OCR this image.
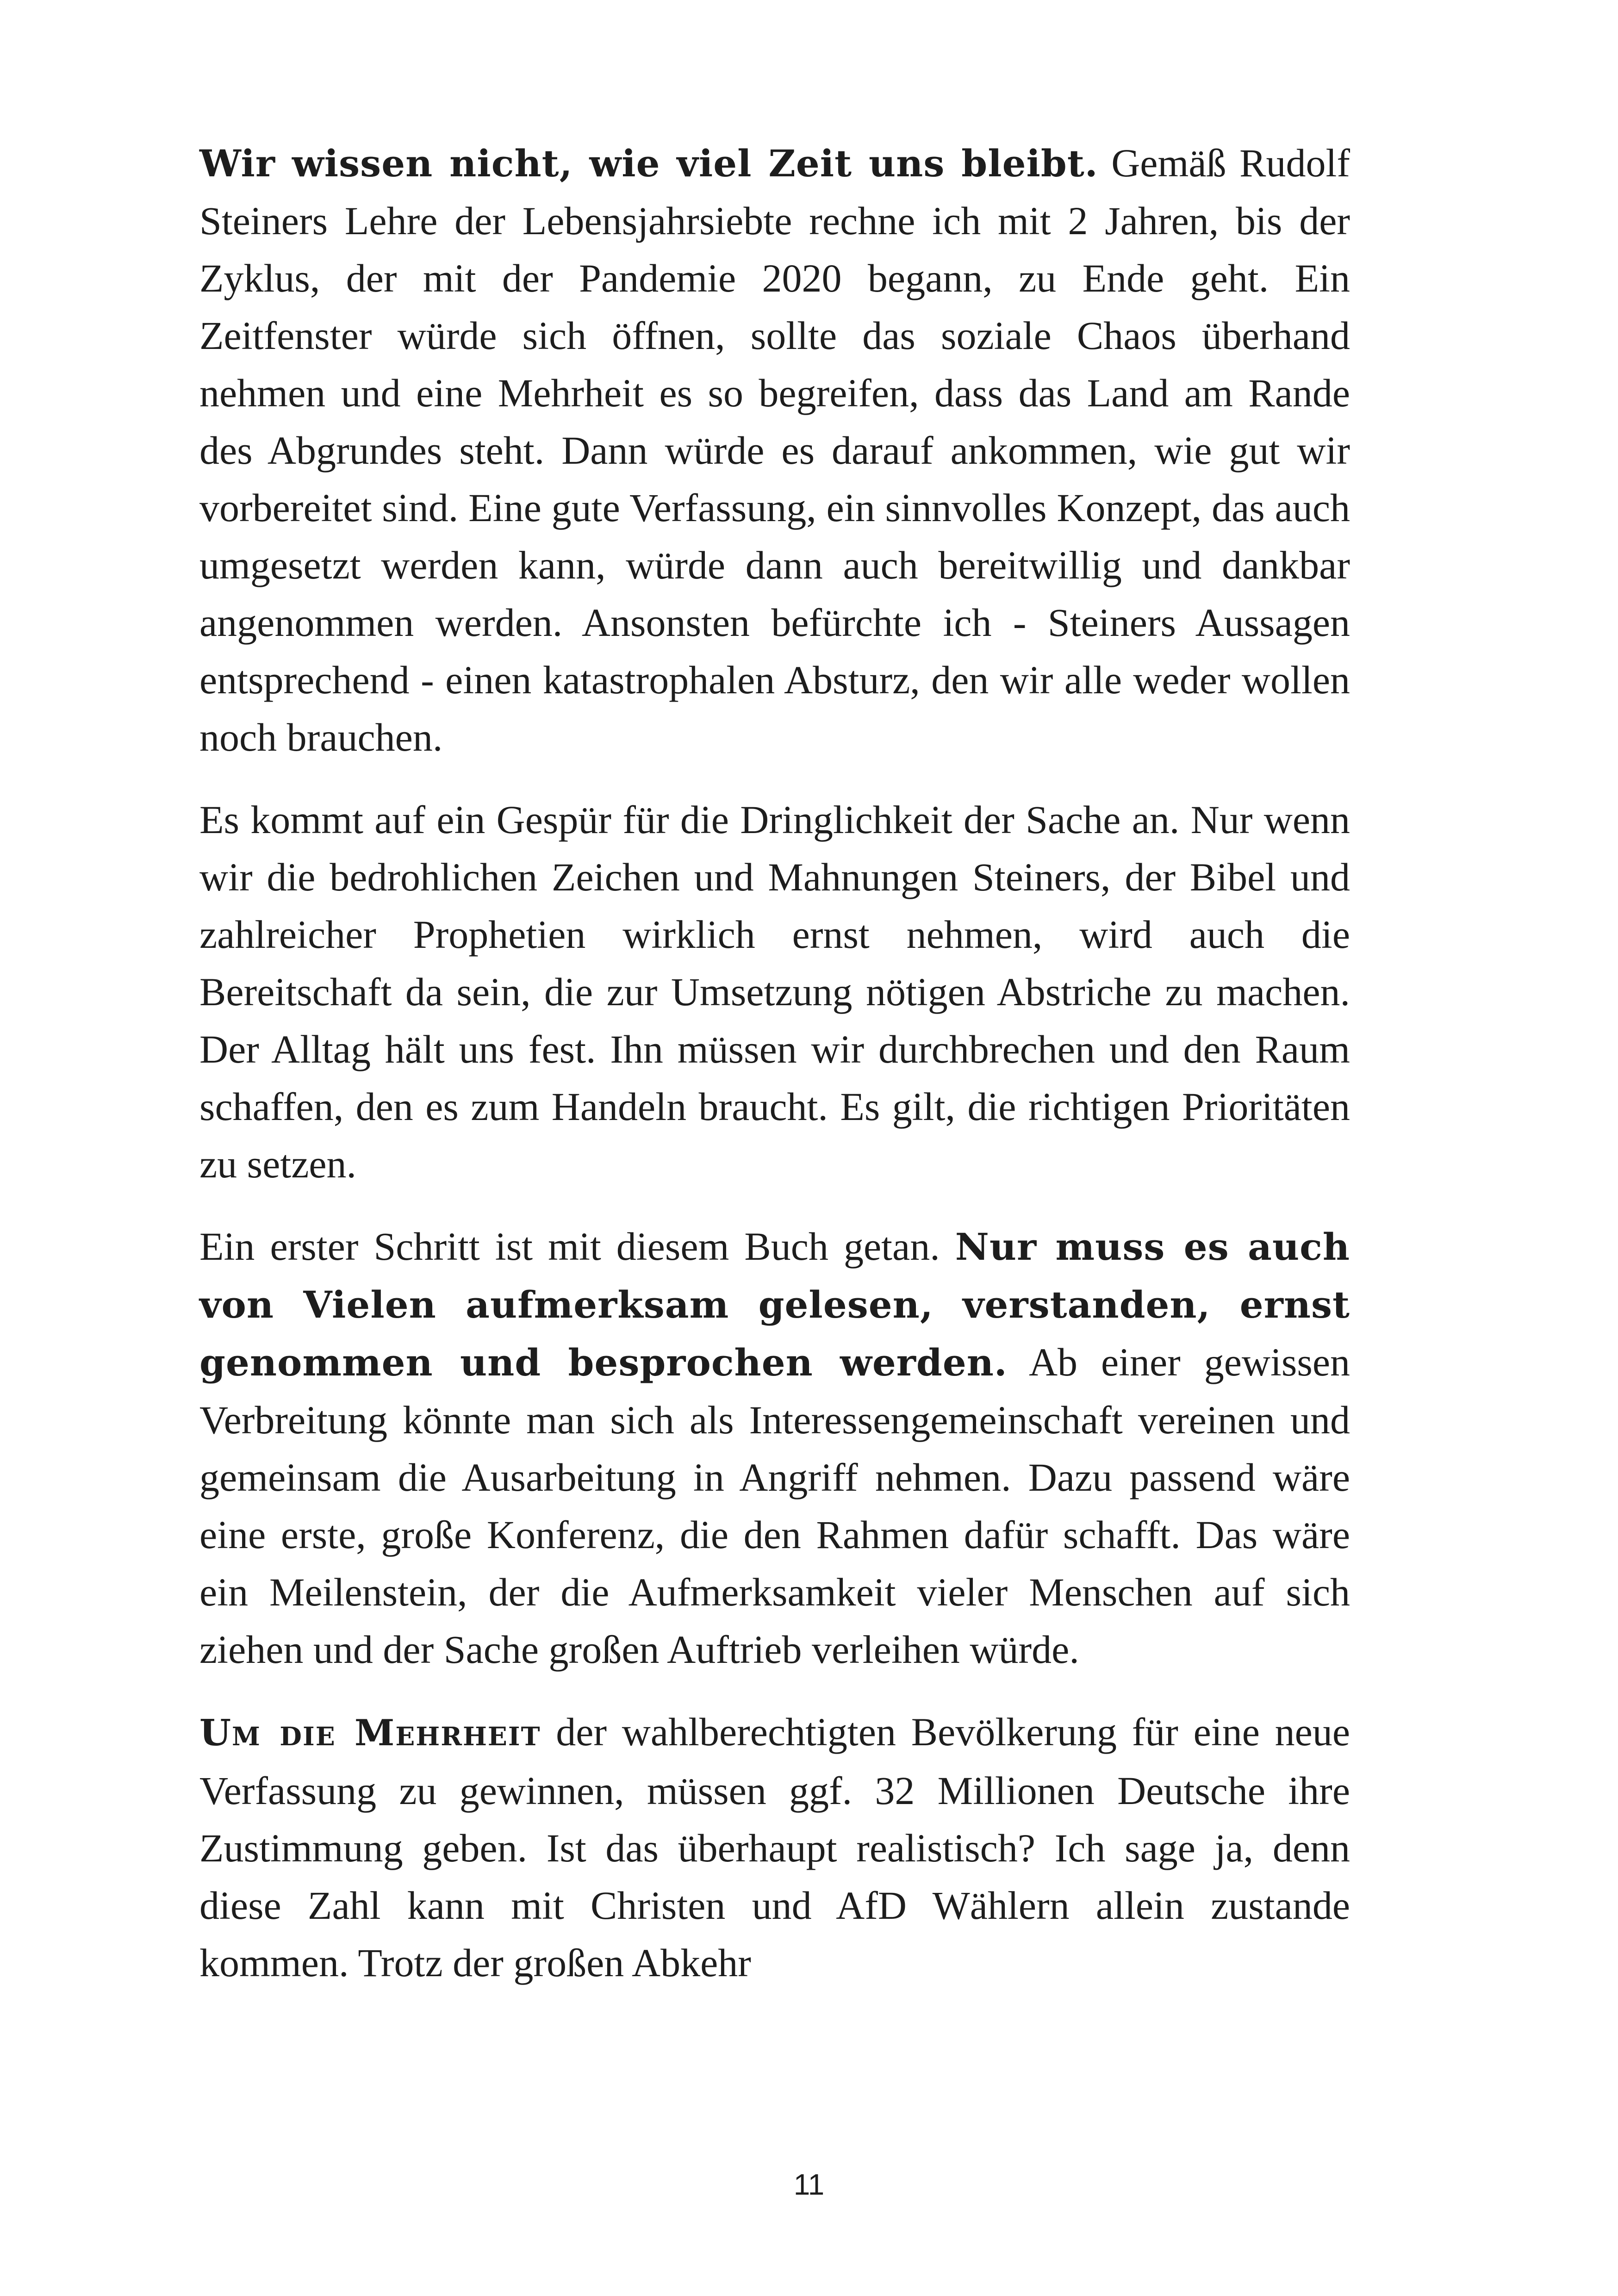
Wir wissen nicht, wie viel Zeit uns bleibt. Gemäß Rudolf Steiners Lehre der Lebensjahrsiebte rechne ich mit 2 Jahren, bis der Zyklus, der mit der Pandemie 2020 begann, zu Ende geht. Ein Zeitfenster würde sich öffnen, sollte das soziale Chaos überhand nehmen und eine Mehrheit es so begreifen, dass das Land am Rande des Abgrundes steht. Dann würde es darauf ankommen, wie gut wir vorbereitet sind. Eine gute Verfassung, ein sinnvolles Konzept, das auch umgesetzt werden kann, würde dann auch bereitwillig und dankbar angenommen werden. Ansonsten befürchte ich - Steiners Aussagen entsprechend - einen katastrophalen Absturz, den wir alle weder wollen noch brauchen.

Es kommt auf ein Gespür für die Dringlichkeit der Sache an. Nur wenn wir die bedrohlichen Zeichen und Mahnungen Steiners, der Bibel und zahlreicher Prophetien wirklich ernst nehmen, wird auch die Bereitschaft da sein, die zur Umsetzung nötigen Abstriche zu machen. Der Alltag hält uns fest. Ihn müssen wir durchbrechen und den Raum schaffen, den es zum Handeln braucht. Es gilt, die richtigen Prioritäten zu setzen.

Ein erster Schritt ist mit diesem Buch getan. Nur muss es auch von Vielen aufmerksam gelesen, verstanden, ernst genommen und besprochen werden. Ab einer gewissen Verbreitung könnte man sich als Interessengemeinschaft vereinen und gemeinsam die Ausarbeitung in Angriff nehmen. Dazu passend wäre eine erste, große Konferenz, die den Rahmen dafür schafft. Das wäre ein Meilenstein, der die Aufmerksamkeit vieler Menschen auf sich ziehen und der Sache großen Auftrieb verleihen würde.

Um die Mehrheit der wahlberechtigten Bevölkerung für eine neue Verfassung zu gewinnen, müssen ggf. 32 Millionen Deutsche ihre Zustimmung geben. Ist das überhaupt realistisch? Ich sage ja, denn diese Zahl kann mit Christen und AfD Wählern allein zustande kommen. Trotz der großen Abkehr

11
